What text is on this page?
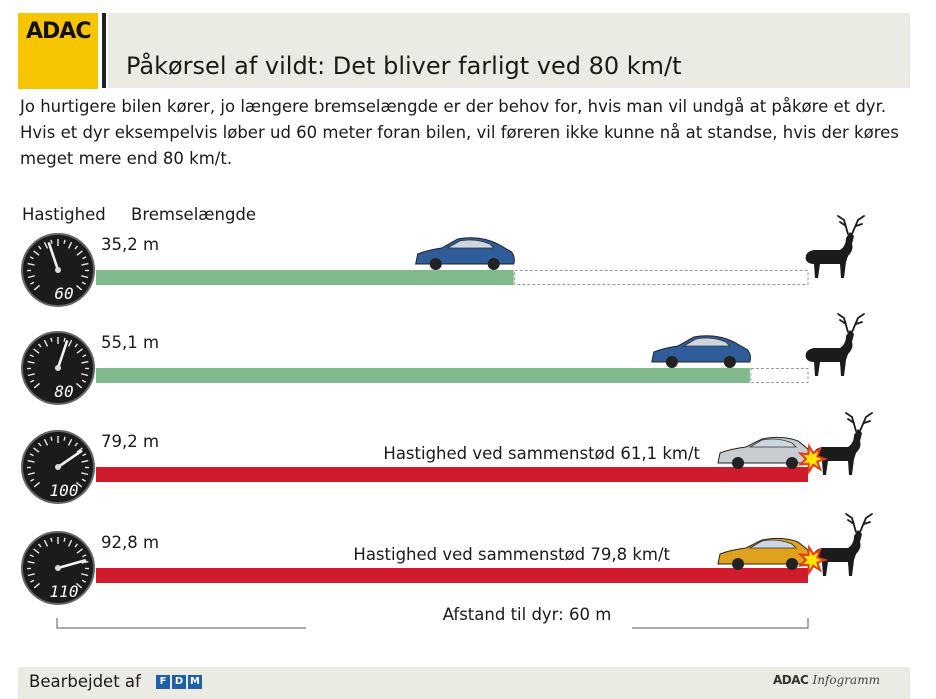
ADAC
Påkørsel af vildt: Det bliver farligt ved 80 km/t
Jo hurtigere bilen kører, jo længere bremselængde er der behov for, hvis man vil undgå at påkøre et dyr. Hvis et dyr eksempelvis løber ud 60 meter foran bilen, vil føreren ikke kunne nå at standse, hvis der køres meget mere end 80 km/t.
Hastighed Bremselængde
60
35,2 m
80
55,1 m
100
79,2 m
Hastighed ved sammenstød 61,1 km/t
110
92,8 m
Hastighed ved sammenstød 79,8 km/t
Afstand til dyr: 60 m
Bearbejdet af	F D M	ADAC Infogramm
